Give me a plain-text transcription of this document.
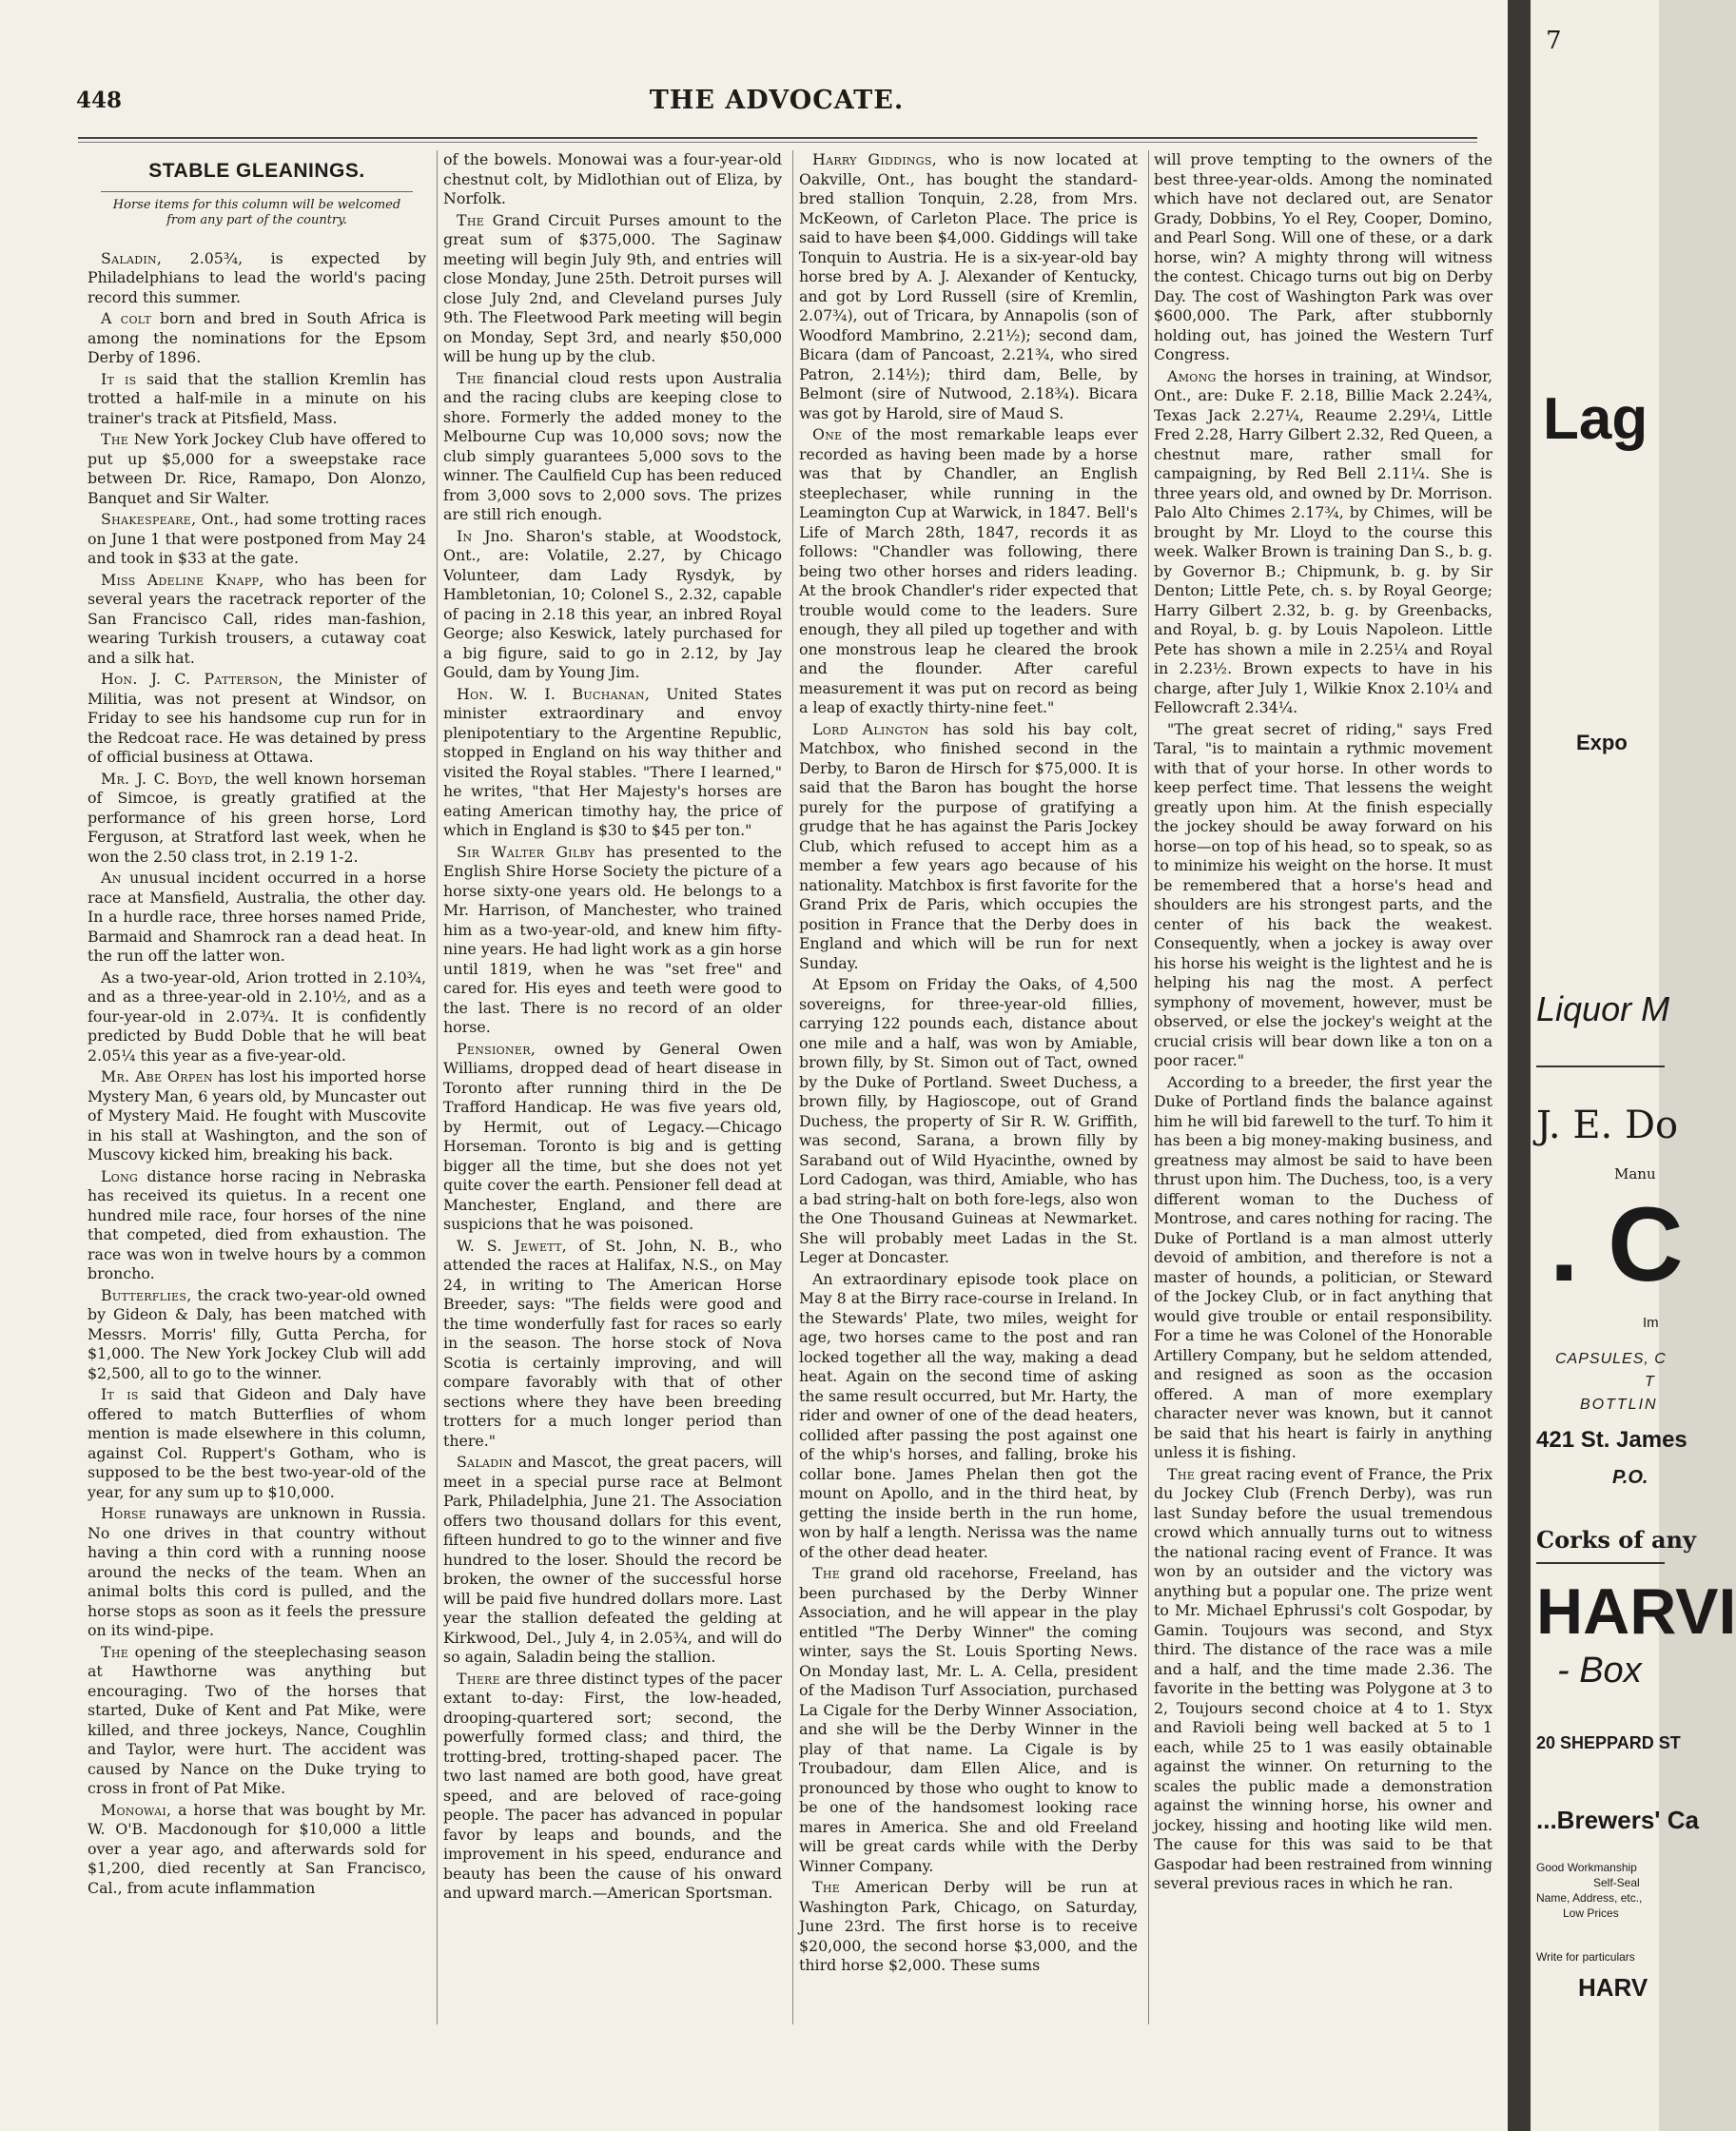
448	THE ADVOCATE.
STABLE GLEANINGS.
Horse items for this column will be welcomed from any part of the country.

Saladin, 2.05¾, is expected by Philadelphians to lead the world's pacing record this summer.

A colt born and bred in South Africa is among the nominations for the Epsom Derby of 1896.

It is said that the stallion Kremlin has trotted a half-mile in a minute on his trainer's track at Pitsfield, Mass.

The New York Jockey Club have offered to put up $5,000 for a sweepstake race between Dr. Rice, Ramapo, Don Alonzo, Banquet and Sir Walter.

Shakespeare, Ont., had some trotting races on June 1 that were postponed from May 24 and took in $33 at the gate.

Miss Adeline Knapp, who has been for several years the racetrack reporter of the San Francisco Call, rides man-fashion, wearing Turkish trousers, a cutaway coat and a silk hat.

Hon. J. C. Patterson, the Minister of Militia, was not present at Windsor, on Friday to see his handsome cup run for in the Redcoat race. He was detained by press of official business at Ottawa.

Mr. J. C. Boyd, the well known horseman of Simcoe, is greatly gratified at the performance of his green horse, Lord Ferguson, at Stratford last week, when he won the 2.50 class trot, in 2.19 1-2.

An unusual incident occurred in a horse race at Mansfield, Australia, the other day. In a hurdle race, three horses named Pride, Barmaid and Shamrock ran a dead heat. In the run off the latter won.

As a two-year-old, Arion trotted in 2.10¾, and as a three-year-old in 2.10½, and as a four-year-old in 2.07¾. It is confidently predicted by Budd Doble that he will beat 2.05¼ this year as a five-year-old.

Mr. Abe Orpen has lost his imported horse Mystery Man, 6 years old, by Muncaster out of Mystery Maid. He fought with Muscovite in his stall at Washington, and the son of Muscovy kicked him, breaking his back.

Long distance horse racing in Nebraska has received its quietus. In a recent one hundred mile race, four horses of the nine that competed, died from exhaustion. The race was won in twelve hours by a common broncho.

Butterflies, the crack two-year-old owned by Gideon & Daly, has been matched with Messrs. Morris' filly, Gutta Percha, for $1,000. The New York Jockey Club will add $2,500, all to go to the winner.

It is said that Gideon and Daly have offered to match Butterflies of whom mention is made elsewhere in this column, against Col. Ruppert's Gotham, who is supposed to be the best two-year-old of the year, for any sum up to $10,000.

Horse runaways are unknown in Russia. No one drives in that country without having a thin cord with a running noose around the necks of the team. When an animal bolts this cord is pulled, and the horse stops as soon as it feels the pressure on its wind-pipe.

The opening of the steeplechasing season at Hawthorne was anything but encouraging. Two of the horses that started, Duke of Kent and Pat Mike, were killed, and three jockeys, Nance, Coughlin and Taylor, were hurt. The accident was caused by Nance on the Duke trying to cross in front of Pat Mike.

Monowai, a horse that was bought by Mr. W. O'B. Macdonough for $10,000 a little over a year ago, and afterwards sold for $1,200, died recently at San Francisco, Cal., from acute inflammation

of the bowels. Monowai was a four-year-old chestnut colt, by Midlothian out of Eliza, by Norfolk.

The Grand Circuit Purses amount to the great sum of $375,000. The Saginaw meeting will begin July 9th, and entries will close Monday, June 25th. Detroit purses will close July 2nd, and Cleveland purses July 9th. The Fleetwood Park meeting will begin on Monday, Sept 3rd, and nearly $50,000 will be hung up by the club.

The financial cloud rests upon Australia and the racing clubs are keeping close to shore. Formerly the added money to the Melbourne Cup was 10,000 sovs; now the club simply guarantees 5,000 sovs to the winner. The Caulfield Cup has been reduced from 3,000 sovs to 2,000 sovs. The prizes are still rich enough.

In Jno. Sharon's stable, at Woodstock, Ont., are: Volatile, 2.27, by Chicago Volunteer, dam Lady Rysdyk, by Hambletonian, 10; Colonel S., 2.32, capable of pacing in 2.18 this year, an inbred Royal George; also Keswick, lately purchased for a big figure, said to go in 2.12, by Jay Gould, dam by Young Jim.

Hon. W. I. Buchanan, United States minister extraordinary and envoy plenipotentiary to the Argentine Republic, stopped in England on his way thither and visited the Royal stables. "There I learned," he writes, "that Her Majesty's horses are eating American timothy hay, the price of which in England is $30 to $45 per ton."

Sir Walter Gilby has presented to the English Shire Horse Society the picture of a horse sixty-one years old. He belongs to a Mr. Harrison, of Manchester, who trained him as a two-year-old, and knew him fifty-nine years. He had light work as a gin horse until 1819, when he was "set free" and cared for. His eyes and teeth were good to the last. There is no record of an older horse.

Pensioner, owned by General Owen Williams, dropped dead of heart disease in Toronto after running third in the De Trafford Handicap. He was five years old, by Hermit, out of Legacy.—Chicago Horseman. Toronto is big and is getting bigger all the time, but she does not yet quite cover the earth. Pensioner fell dead at Manchester, England, and there are suspicions that he was poisoned.

W. S. Jewett, of St. John, N. B., who attended the races at Halifax, N.S., on May 24, in writing to The American Horse Breeder, says: "The fields were good and the time wonderfully fast for races so early in the season. The horse stock of Nova Scotia is certainly improving, and will compare favorably with that of other sections where they have been breeding trotters for a much longer period than there."

Saladin and Mascot, the great pacers, will meet in a special purse race at Belmont Park, Philadelphia, June 21. The Association offers two thousand dollars for this event, fifteen hundred to go to the winner and five hundred to the loser. Should the record be broken, the owner of the successful horse will be paid five hundred dollars more. Last year the stallion defeated the gelding at Kirkwood, Del., July 4, in 2.05¾, and will do so again, Saladin being the stallion.

There are three distinct types of the pacer extant to-day: First, the low-headed, drooping-quartered sort; second, the powerfully formed class; and third, the trotting-bred, trotting-shaped pacer. The two last named are both good, have great speed, and are beloved of race-going people. The pacer has advanced in popular favor by leaps and bounds, and the improvement in his speed, endurance and beauty has been the cause of his onward and upward march.—American Sportsman.

Harry Giddings, who is now located at Oakville, Ont., has bought the standard-bred stallion Tonquin, 2.28, from Mrs. McKeown, of Carleton Place. The price is said to have been $4,000. Giddings will take Tonquin to Austria. He is a six-year-old bay horse bred by A. J. Alexander of Kentucky, and got by Lord Russell (sire of Kremlin, 2.07¾), out of Tricara, by Annapolis (son of Woodford Mambrino, 2.21½); second dam, Bicara (dam of Pancoast, 2.21¾, who sired Patron, 2.14½); third dam, Belle, by Belmont (sire of Nutwood, 2.18¾). Bicara was got by Harold, sire of Maud S.

One of the most remarkable leaps ever recorded as having been made by a horse was that by Chandler, an English steeplechaser, while running in the Leamington Cup at Warwick, in 1847. Bell's Life of March 28th, 1847, records it as follows: "Chandler was following, there being two other horses and riders leading. At the brook Chandler's rider expected that trouble would come to the leaders. Sure enough, they all piled up together and with one monstrous leap he cleared the brook and the flounder. After careful measurement it was put on record as being a leap of exactly thirty-nine feet."

Lord Alington has sold his bay colt, Matchbox, who finished second in the Derby, to Baron de Hirsch for $75,000. It is said that the Baron has bought the horse purely for the purpose of gratifying a grudge that he has against the Paris Jockey Club, which refused to accept him as a member a few years ago because of his nationality. Matchbox is first favorite for the Grand Prix de Paris, which occupies the position in France that the Derby does in England and which will be run for next Sunday.

At Epsom on Friday the Oaks, of 4,500 sovereigns, for three-year-old fillies, carrying 122 pounds each, distance about one mile and a half, was won by Amiable, brown filly, by St. Simon out of Tact, owned by the Duke of Portland. Sweet Duchess, a brown filly, by Hagioscope, out of Grand Duchess, the property of Sir R. W. Griffith, was second, Sarana, a brown filly by Saraband out of Wild Hyacinthe, owned by Lord Cadogan, was third, Amiable, who has a bad string-halt on both fore-legs, also won the One Thousand Guineas at Newmarket. She will probably meet Ladas in the St. Leger at Doncaster.

An extraordinary episode took place on May 8 at the Birry race-course in Ireland. In the Stewards' Plate, two miles, weight for age, two horses came to the post and ran locked together all the way, making a dead heat. Again on the second time of asking the same result occurred, but Mr. Harty, the rider and owner of one of the dead heaters, collided after passing the post against one of the whip's horses, and falling, broke his collar bone. James Phelan then got the mount on Apollo, and in the third heat, by getting the inside berth in the run home, won by half a length. Nerissa was the name of the other dead heater.

The grand old racehorse, Freeland, has been purchased by the Derby Winner Association, and he will appear in the play entitled "The Derby Winner" the coming winter, says the St. Louis Sporting News. On Monday last, Mr. L. A. Cella, president of the Madison Turf Association, purchased La Cigale for the Derby Winner Association, and she will be the Derby Winner in the play of that name. La Cigale is by Troubadour, dam Ellen Alice, and is pronounced by those who ought to know to be one of the handsomest looking race mares in America. She and old Freeland will be great cards while with the Derby Winner Company.

The American Derby will be run at Washington Park, Chicago, on Saturday, June 23rd. The first horse is to receive $20,000, the second horse $3,000, and the third horse $2,000. These sums

will prove tempting to the owners of the best three-year-olds. Among the nominated which have not declared out, are Senator Grady, Dobbins, Yo el Rey, Cooper, Domino, and Pearl Song. Will one of these, or a dark horse, win? A mighty throng will witness the contest. Chicago turns out big on Derby Day. The cost of Washington Park was over $600,000. The Park, after stubbornly holding out, has joined the Western Turf Congress.

Among the horses in training, at Windsor, Ont., are: Duke F. 2.18, Billie Mack 2.24¾, Texas Jack 2.27¼, Reaume 2.29¼, Little Fred 2.28, Harry Gilbert 2.32, Red Queen, a chestnut mare, rather small for campaigning, by Red Bell 2.11¼. She is three years old, and owned by Dr. Morrison. Palo Alto Chimes 2.17¾, by Chimes, will be brought by Mr. Lloyd to the course this week. Walker Brown is training Dan S., b. g. by Governor B.; Chipmunk, b. g. by Sir Denton; Little Pete, ch. s. by Royal George; Harry Gilbert 2.32, b. g. by Greenbacks, and Royal, b. g. by Louis Napoleon. Little Pete has shown a mile in 2.25¼ and Royal in 2.23½. Brown expects to have in his charge, after July 1, Wilkie Knox 2.10¼ and Fellowcraft 2.34¼.

"The great secret of riding," says Fred Taral, "is to maintain a rythmic movement with that of your horse. In other words to keep perfect time. That lessens the weight greatly upon him. At the finish especially the jockey should be away forward on his horse—on top of his head, so to speak, so as to minimize his weight on the horse. It must be remembered that a horse's head and shoulders are his strongest parts, and the center of his back the weakest. Consequently, when a jockey is away over his horse his weight is the lightest and he is helping his nag the most. A perfect symphony of movement, however, must be observed, or else the jockey's weight at the crucial crisis will bear down like a ton on a poor racer."

According to a breeder, the first year the Duke of Portland finds the balance against him he will bid farewell to the turf. To him it has been a big money-making business, and greatness may almost be said to have been thrust upon him. The Duchess, too, is a very different woman to the Duchess of Montrose, and cares nothing for racing. The Duke of Portland is a man almost utterly devoid of ambition, and therefore is not a master of hounds, a politician, or Steward of the Jockey Club, or in fact anything that would give trouble or entail responsibility. For a time he was Colonel of the Honorable Artillery Company, but he seldom attended, and resigned as soon as the occasion offered. A man of more exemplary character never was known, but it cannot be said that his heart is fairly in anything unless it is fishing.

The great racing event of France, the Prix du Jockey Club (French Derby), was run last Sunday before the usual tremendous crowd which annually turns out to witness the national racing event of France. It was won by an outsider and the victory was anything but a popular one. The prize went to Mr. Michael Ephrussi's colt Gospodar, by Gamin. Toujours was second, and Styx third. The distance of the race was a mile and a half, and the time made 2.36. The favorite in the betting was Polygone at 3 to 2, Toujours second choice at 4 to 1. Styx and Ravioli being well backed at 5 to 1 each, while 25 to 1 was easily obtainable against the winner. On returning to the scales the public made a demonstration against the winning horse, his owner and jockey, hissing and hooting like wild men. The cause for this was said to be that Gaspodar had been restrained from winning several previous races in which he ran.

7
Lag
Expo
Liquor M
J. E. Do
Manu
. C
Im
CAPSULES, C
T
BOTTLIN
421 St. James
P.O.
Corks of any
HARVI
- Box
20 SHEPPARD ST
...Brewers' Ca
Good Workmanship
Self-Seal
Name, Address, etc.,
Low Prices
Write for particulars
HARV
